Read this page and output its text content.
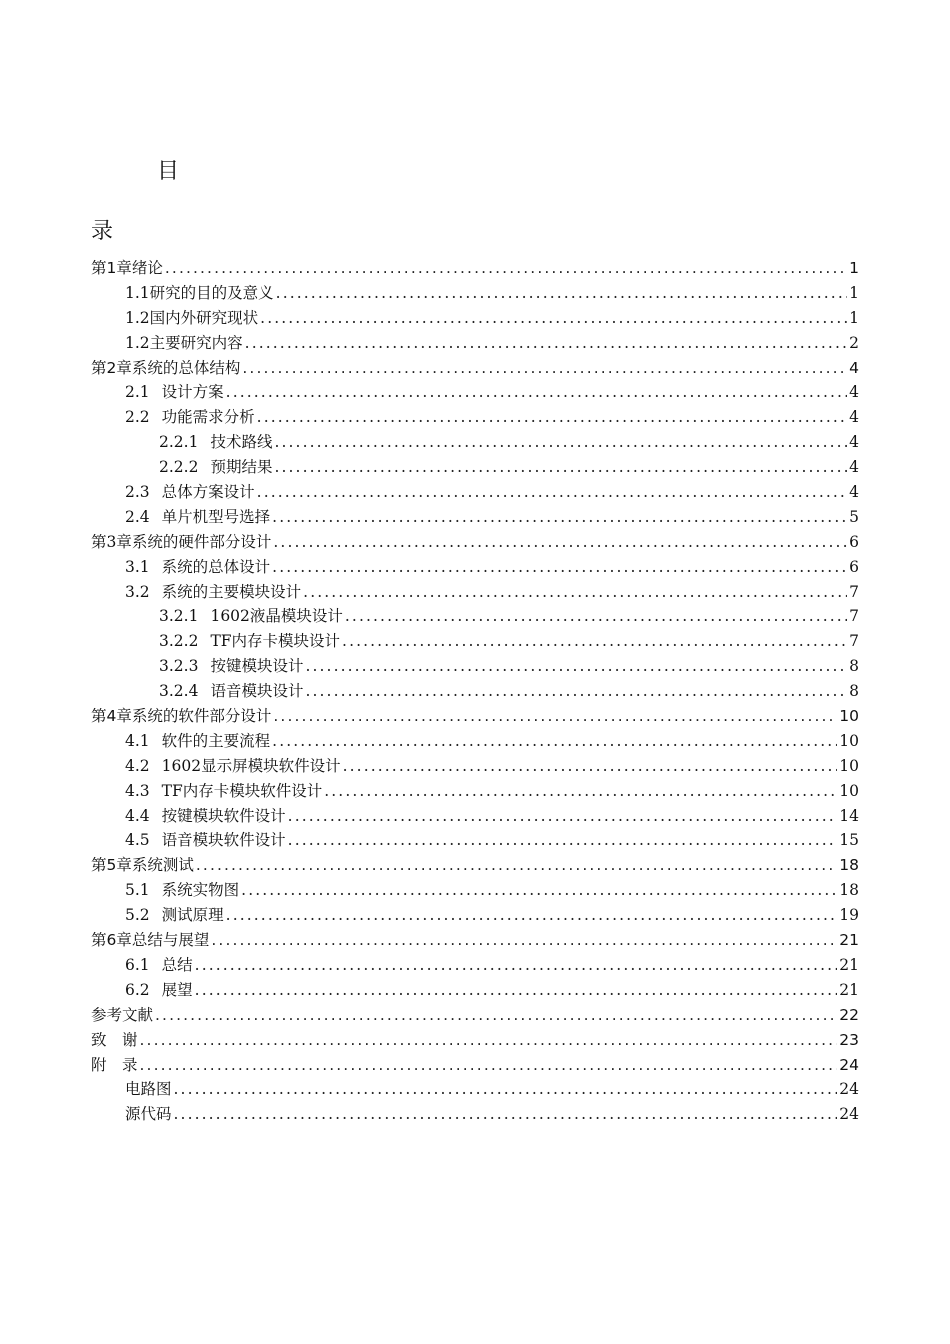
目
录
第1章 绪论 .....	1
1.1 研究的目的及意义 .....	1
1.2 国内外研究现状 .....	1
1.2 主要研究内容 .....	2
第2章 系统的总体结构 .....	4
2.1 设计方案 .....	4
2.2 功能需求分析 .....	4
2.2.1 技术路线 .....	4
2.2.2 预期结果 .....	4
2.3 总体方案设计 .....	4
2.4 单片机型号选择 .....	5
第3章 系统的硬件部分设计 .....	6
3.1 系统的总体设计 .....	6
3.2 系统的主要模块设计 .....	7
3.2.1 1602液晶模块设计 .....	7
3.2.2 TF内存卡模块设计 .....	7
3.2.3 按键模块设计 .....	8
3.2.4 语音模块设计 .....	8
第4章 系统的软件部分设计 .....	10
4.1 软件的主要流程 .....	10
4.2 1602显示屏模块软件设计 .....	10
4.3 TF内存卡模块软件设计 .....	10
4.4 按键模块软件设计 .....	14
4.5 语音模块软件设计 .....	15
第5章 系统测试 .....	18
5.1 系统实物图 .....	18
5.2 测试原理 .....	19
第6章 总结与展望 .....	21
6.1 总结 .....	21
6.2 展望 .....	21
参考文献 .....	22
致　谢 .....	23
附　录 .....	24
电路图 .....	24
源代码 .....	24
